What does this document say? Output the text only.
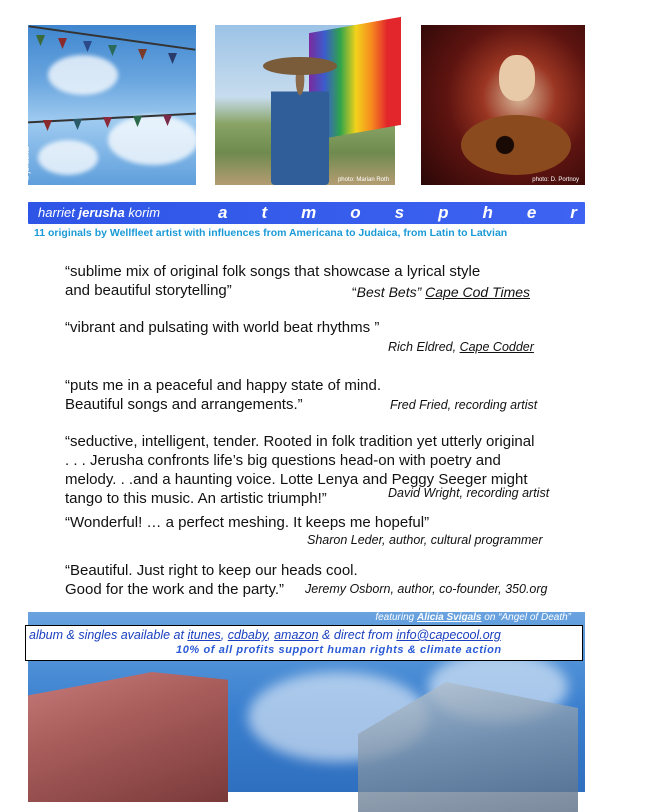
© jerusha	photo: Marian Roth	photo: D. Portnoy
harriet jerusha korim	atmosphere
11 originals by Wellfleet artist with influences from Americana to Judaica, from Latin to Latvian
“sublime mix of original folk songs that showcase a lyrical style
and beautiful storytelling”	“Best Bets” Cape Cod Times
“vibrant and pulsating with world beat rhythms ”
Rich Eldred, Cape Codder
“puts me in a peaceful and happy state of mind.
Beautiful songs and arrangements.”	Fred Fried, recording artist
“seductive, intelligent, tender. Rooted in folk tradition yet utterly original
. . . Jerusha confronts life’s big questions head-on with poetry and
melody. . .and a haunting voice. Lotte Lenya and Peggy Seeger might
tango to this music. An artistic triumph!”	David Wright, recording artist
“Wonderful! … a perfect meshing. It keeps me hopeful”
Sharon Leder, author, cultural programmer
“Beautiful. Just right to keep our heads cool.
Good for the work and the party.”	Jeremy Osborn, author, co-founder, 350.org
featuring Alicia Svigals on “Angel of Death”
album & singles available at itunes, cdbaby, amazon & direct from info@capecool.org
10% of all profits support human rights & climate action
